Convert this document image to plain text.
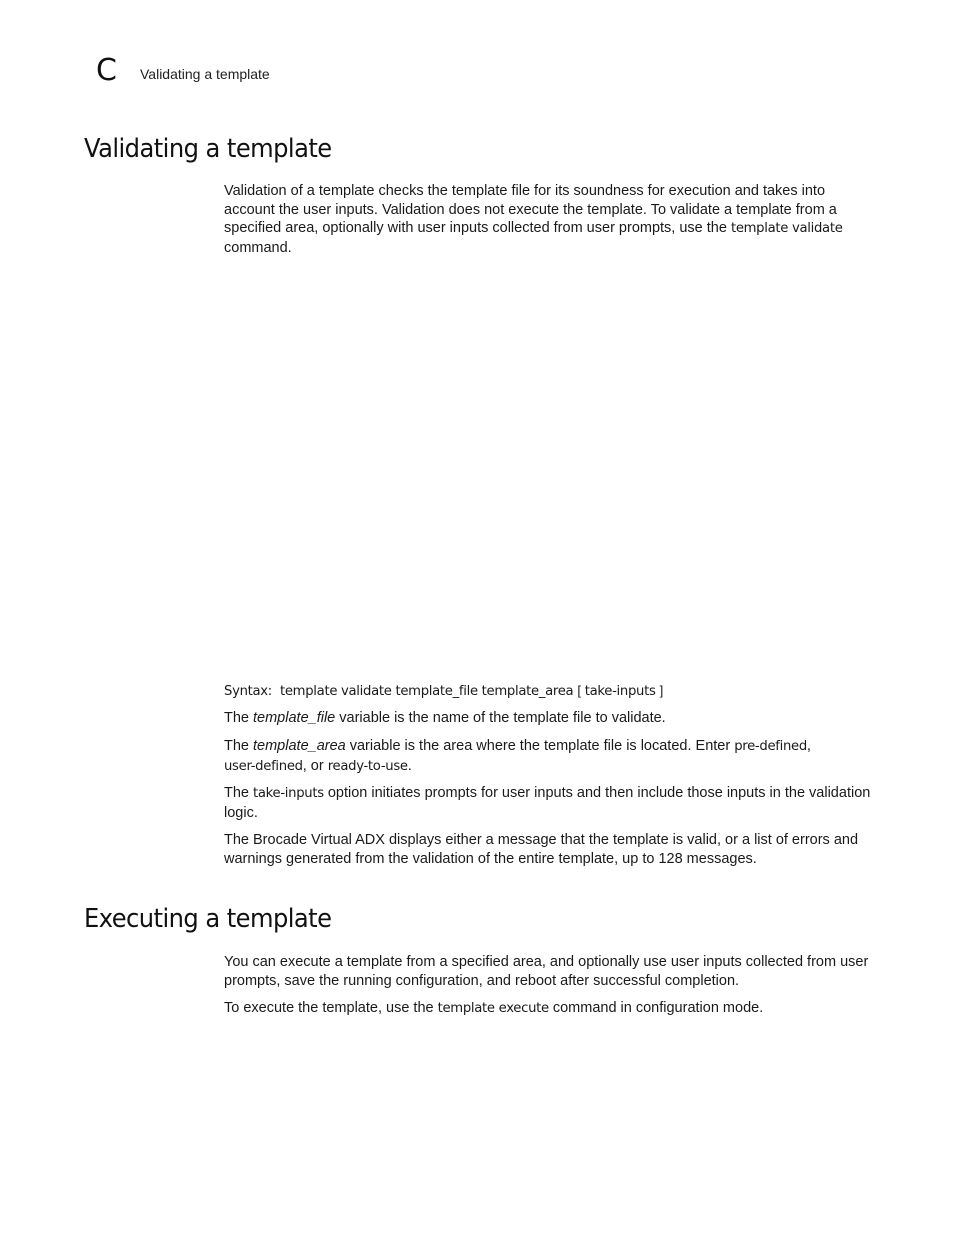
C Validating a template
Validating a template

Validation of a template checks the template file for its soundness for execution and takes into account the user inputs. Validation does not execute the template. To validate a template from a specified area, optionally with user inputs collected from user prompts, use the template validate
command.

Syntax: template validate template_file template_area [ take-inputs ]

The template_file variable is the name of the template file to validate.

The template_area variable is the area where the template file is located. Enter pre-defined,
user-defined, or ready-to-use.

The take-inputs option initiates prompts for user inputs and then include those inputs in the validation logic.

The Brocade Virtual ADX displays either a message that the template is valid, or a list of errors and warnings generated from the validation of the entire template, up to 128 messages.

Executing a template

You can execute a template from a specified area, and optionally use user inputs collected from user prompts, save the running configuration, and reboot after successful completion.

To execute the template, use the template execute command in configuration mode.
